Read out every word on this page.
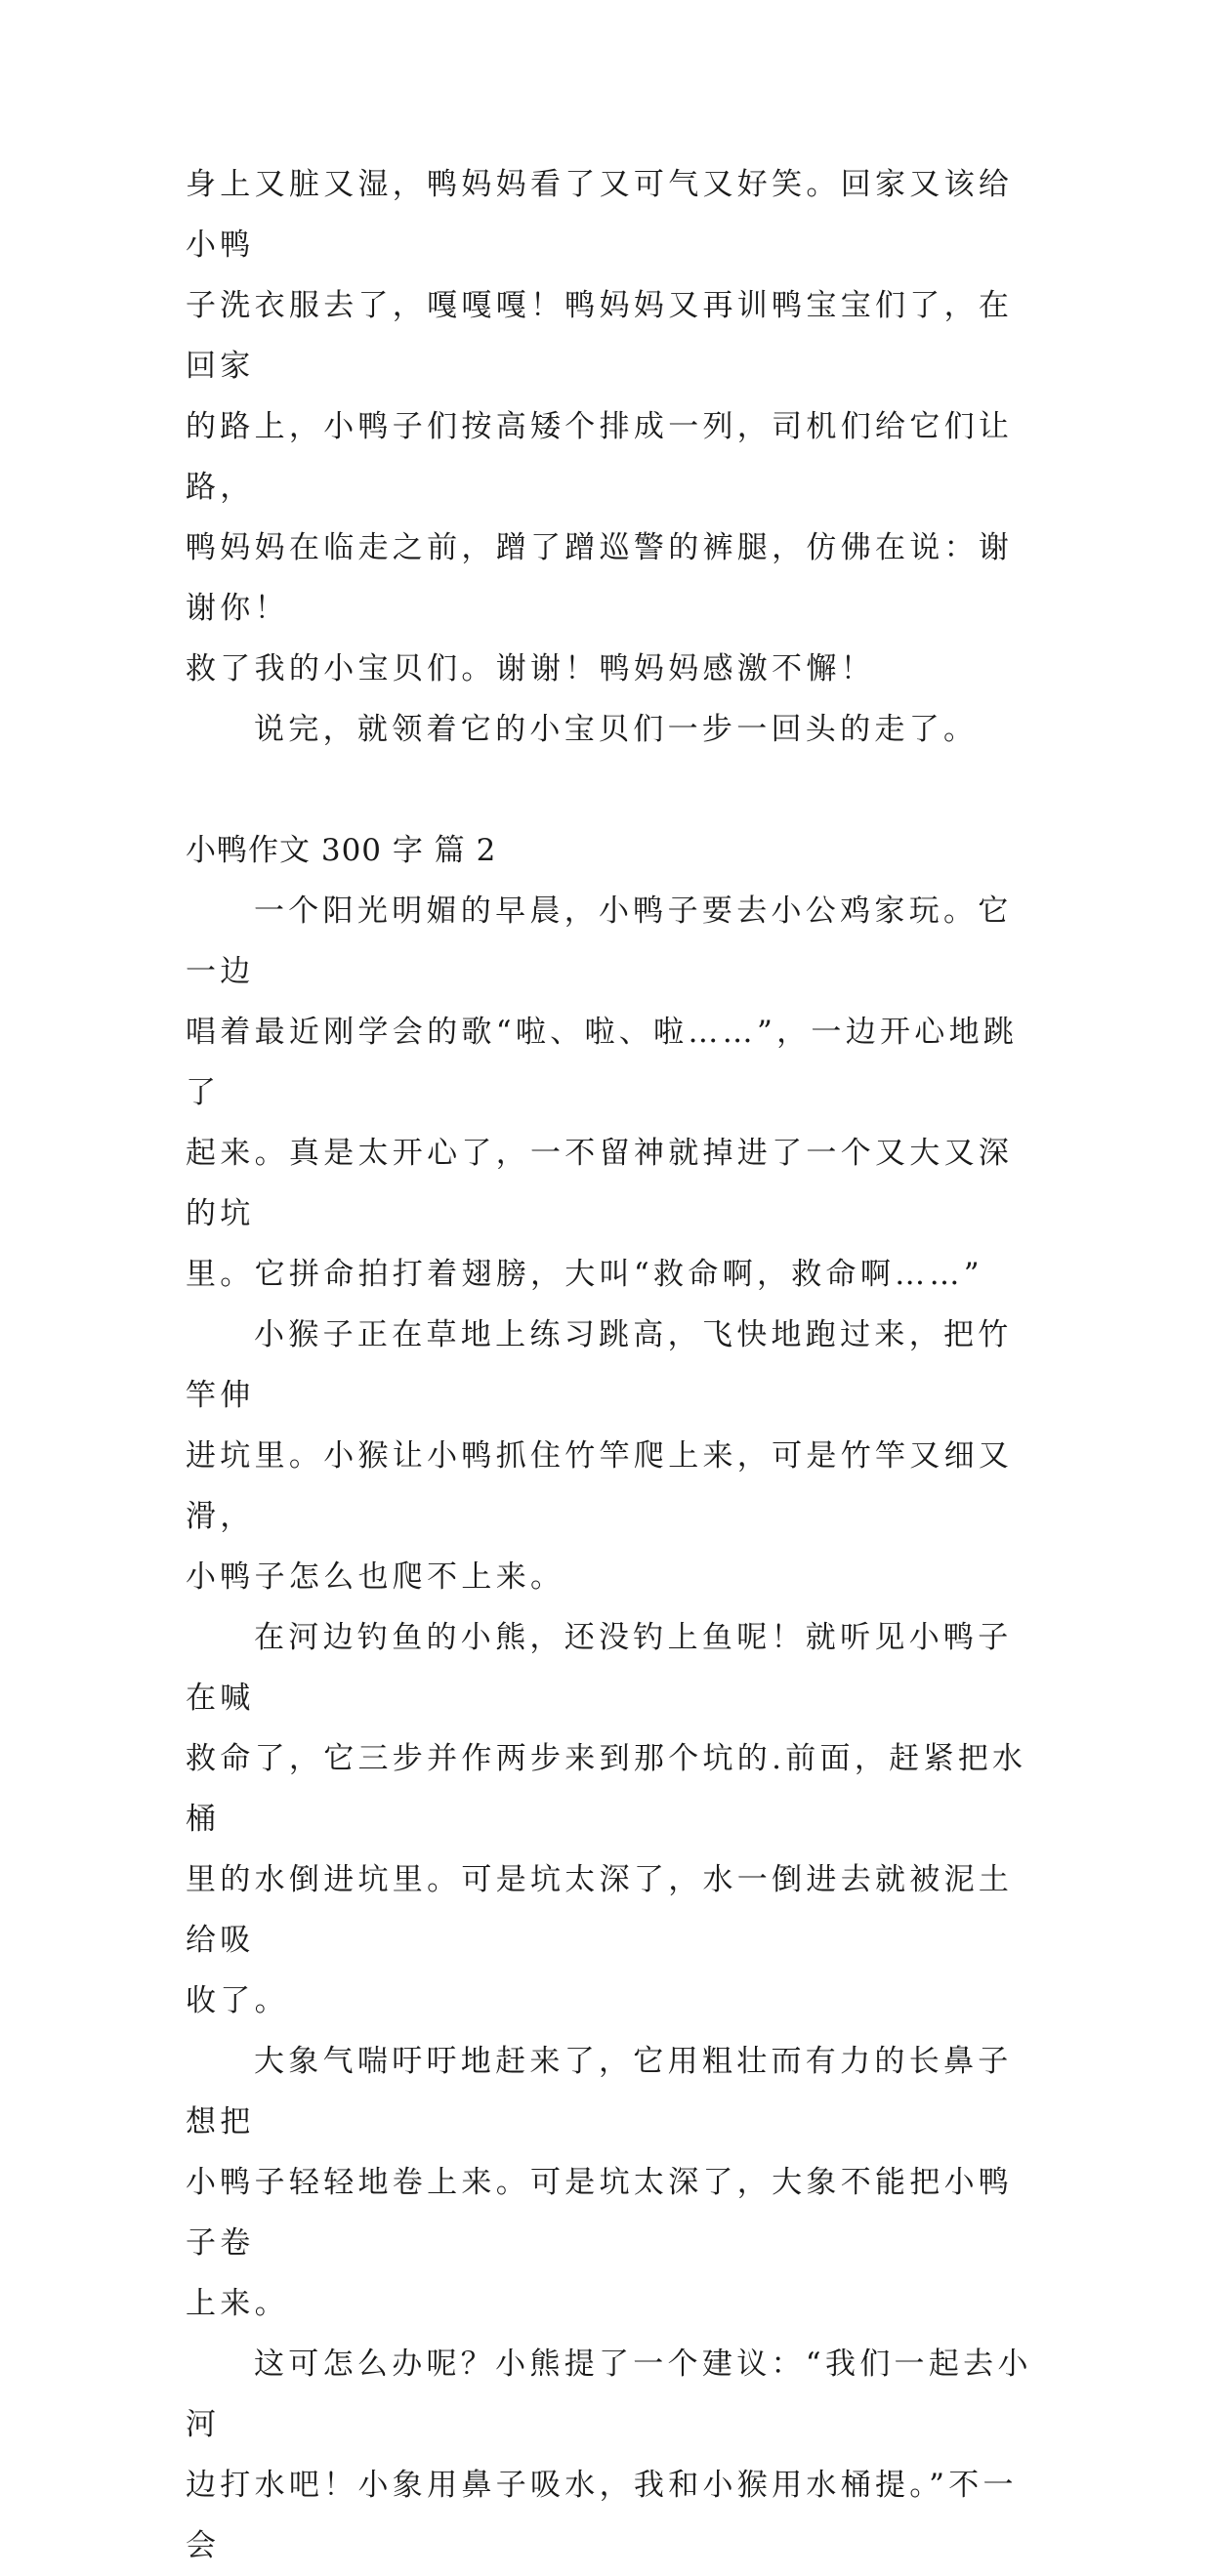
身上又脏又湿，鸭妈妈看了又可气又好笑。回家又该给小鸭
子洗衣服去了，嘎嘎嘎！鸭妈妈又再训鸭宝宝们了，在回家
的路上，小鸭子们按高矮个排成一列，司机们给它们让路，
鸭妈妈在临走之前，蹭了蹭巡警的裤腿，仿佛在说：谢谢你！
救了我的小宝贝们。谢谢！鸭妈妈感激不懈！

说完，就领着它的小宝贝们一步一回头的走了。

小鸭作文 300 字 篇 2

一个阳光明媚的早晨，小鸭子要去小公鸡家玩。它一边
唱着最近刚学会的歌“啦、啦、啦……”，一边开心地跳了
起来。真是太开心了，一不留神就掉进了一个又大又深的坑
里。它拼命拍打着翅膀，大叫“救命啊，救命啊……”

小猴子正在草地上练习跳高，飞快地跑过来，把竹竿伸
进坑里。小猴让小鸭抓住竹竿爬上来，可是竹竿又细又滑，
小鸭子怎么也爬不上来。

在河边钓鱼的小熊，还没钓上鱼呢！就听见小鸭子在喊
救命了，它三步并作两步来到那个坑的.前面，赶紧把水桶
里的水倒进坑里。可是坑太深了，水一倒进去就被泥土给吸
收了。

大象气喘吁吁地赶来了，它用粗壮而有力的长鼻子想把
小鸭子轻轻地卷上来。可是坑太深了，大象不能把小鸭子卷
上来。

这可怎么办呢？小熊提了一个建议：“我们一起去小河
边打水吧！小象用鼻子吸水，我和小猴用水桶提。”不一会
